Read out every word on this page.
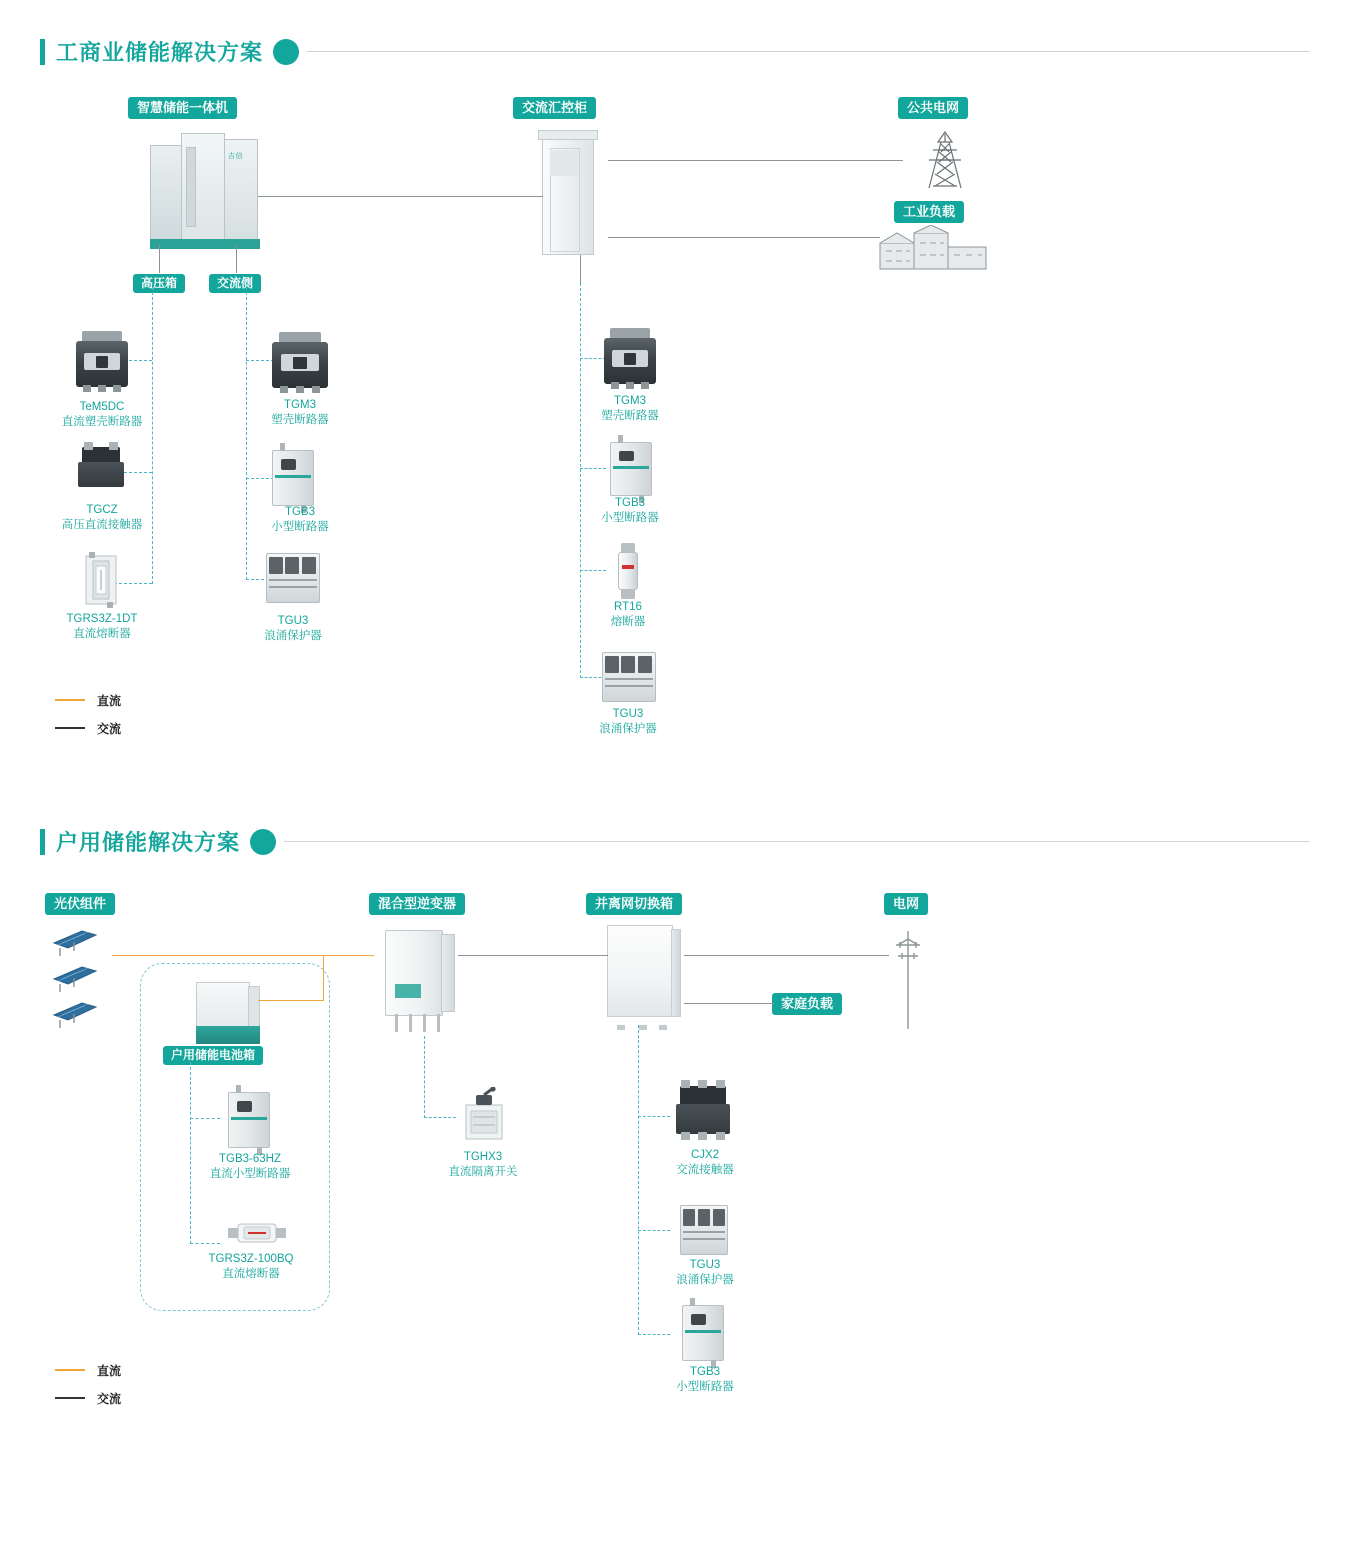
工商业储能解决方案
智慧储能一体机	交流汇控柜	公共电网
工业负载
吉信
高压箱	交流侧
TeM5DC
直流塑壳断路器
TGCZ
高压直流接触器
TGRS3Z-1DT
直流熔断器
TGM3
塑壳断路器
TGB3
小型断路器
TGU3
浪涌保护器
TGM3
塑壳断路器
TGB3
小型断路器
RT16
熔断器
TGU3
浪涌保护器
直流
交流
户用储能解决方案
光伏组件	混合型逆变器	并离网切换箱	电网
家庭负载
户用储能电池箱
TGB3-63HZ
直流小型断路器
TGRS3Z-100BQ
直流熔断器
TGHX3
直流隔离开关
CJX2
交流接触器
TGU3
浪涌保护器
TGB3
小型断路器
直流
交流
